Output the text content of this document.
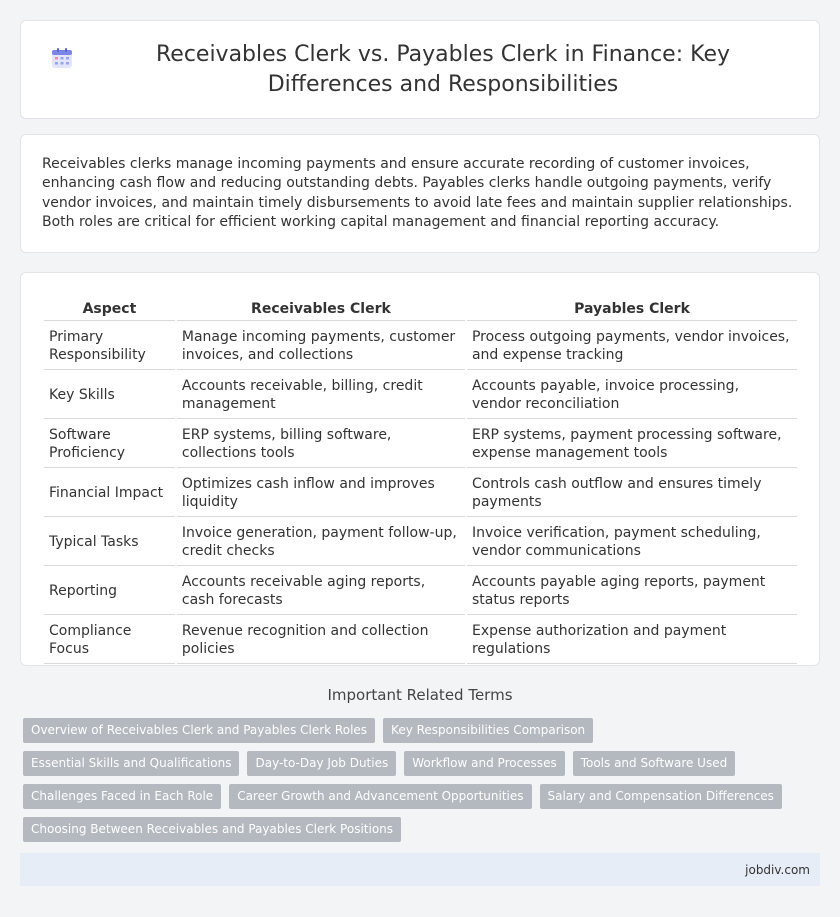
Receivables Clerk vs. Payables Clerk in Finance: Key Differences and Responsibilities

Receivables clerks manage incoming payments and ensure accurate recording of customer invoices, enhancing cash flow and reducing outstanding debts. Payables clerks handle outgoing payments, verify vendor invoices, and maintain timely disbursements to avoid late fees and maintain supplier relationships. Both roles are critical for efficient working capital management and financial reporting accuracy.

Aspect	Receivables Clerk	Payables Clerk
Primary Responsibility	Manage incoming payments, customer invoices, and collections	Process outgoing payments, vendor invoices, and expense tracking
Key Skills	Accounts receivable, billing, credit management	Accounts payable, invoice processing, vendor reconciliation
Software Proficiency	ERP systems, billing software, collections tools	ERP systems, payment processing software, expense management tools
Financial Impact	Optimizes cash inflow and improves liquidity	Controls cash outflow and ensures timely payments
Typical Tasks	Invoice generation, payment follow-up, credit checks	Invoice verification, payment scheduling, vendor communications
Reporting	Accounts receivable aging reports, cash forecasts	Accounts payable aging reports, payment status reports
Compliance Focus	Revenue recognition and collection policies	Expense authorization and payment regulations
Important Related Terms
Overview of Receivables Clerk and Payables Clerk Roles	Key Responsibilities Comparison
Essential Skills and Qualifications	Day-to-Day Job Duties	Workflow and Processes	Tools and Software Used
Challenges Faced in Each Role	Career Growth and Advancement Opportunities	Salary and Compensation Differences
Choosing Between Receivables and Payables Clerk Positions
jobdiv.com
